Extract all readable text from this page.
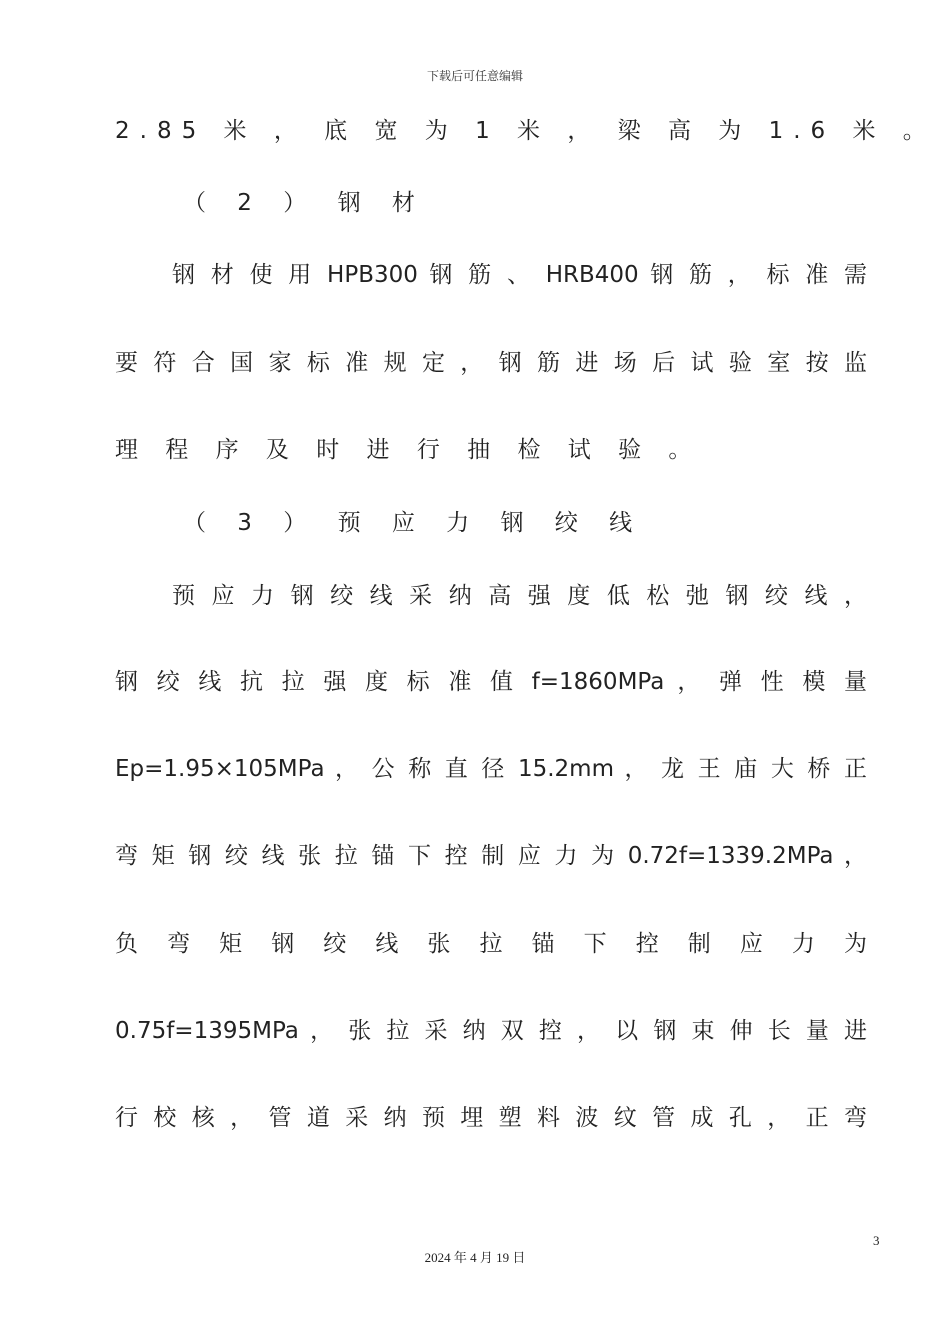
下载后可任意编辑
2.85 米 ， 底 宽 为 1 米 ， 梁 高 为 1.6 米 。
（ 2 ） 钢 材
钢 材 使 用 HPB300 钢 筋 、 HRB400 钢 筋 ， 标 准 需
要 符 合 国 家 标 准 规 定 ， 钢 筋 进 场 后 试 验 室 按 监
理 程 序 及 时 进 行 抽 检 试 验 。
（ 3 ） 预 应 力 钢 绞 线
预 应 力 钢 绞 线 采 纳 高 强 度 低 松 弛 钢 绞 线 ，
钢 绞 线 抗 拉 强 度 标 准 值 f=1860MPa ， 弹 性 模 量
Ep=1.95×105MPa ， 公 称 直 径 15.2mm ， 龙 王 庙 大 桥 正
弯 矩 钢 绞 线 张 拉 锚 下 控 制 应 力 为 0.72f=1339.2MPa ，
负 弯 矩 钢 绞 线 张 拉 锚 下 控 制 应 力 为
0.75f=1395MPa ， 张 拉 采 纳 双 控 ， 以 钢 束 伸 长 量 进
行 校 核 ， 管 道 采 纳 预 埋 塑 料 波 纹 管 成 孔 ， 正 弯
3
2024 年 4 月 19 日
